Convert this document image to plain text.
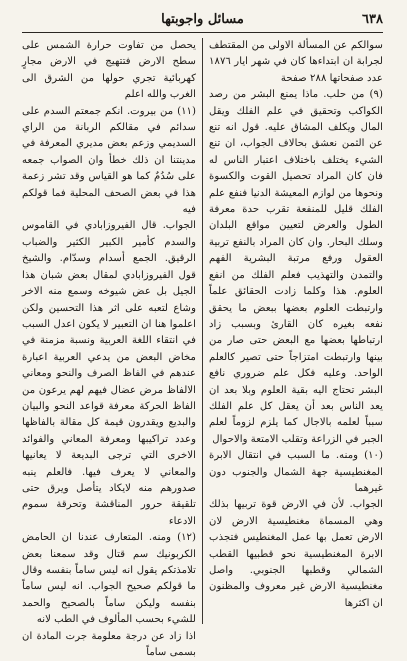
٦٣٨
مسائل واجوبتها

سوالكم عن المسألة الاولى من المقتطف لجرابة ان ابتداءها كان في شهر ايار ١٨٧٦ عدد صفحاتها ٢٨٨ صفحة

(٩) من حلب. ماذا يمنع البشر من رصد الكواكب وتحقيق في علم الفلك ويقل المال ويكلف المشاق عليه. قول انه تنع عن الثمن نعشق بحالاف الجواب، ان تنع الشيء يختلف باختلاف اعتبار الناس له فان كان المراد تحصيل القوت والكسوة ونحوها من لوازم المعيشة الدنيا فنفع علم الفلك قليل للمنفعة تقرب حدة معرفة الطول والعرض لتعيين مواقع البلدان وسلك البحار. وان كان المراد بالنفع تربية العقول ورفع مرتبة البشرية الفهم والتمدن والتهذيب فعلم الفلك من انفع العلوم. هذا وكلما زادت الحقائق علماً وارتبطت العلوم بعضها ببعض ما يحقق نفعه بغيره كان القارئ وبسبب زاد ارتباطها بعضها مع البعض حتى صار من بينها وارتبطت امتزاجاً حتى تصير كالعلم الواحد. وعليه فكل علم ضروري نافع البشر تحتاج اليه بقية العلوم وبلا بعد ان يعد الناس بعد أن يعقل كل علم الفلك سبباً لعلمه بالاجال كما يلزم لزوماً لعلم الجبر في الزراعة وتقلب الامتعة والاحوال

(١٠) ومنه. ما السبب في انتقال الابرة المغنطيسية جهة الشمال والجنوب دون غيرهما

الجواب. لأن في الارض قوة تربيها بذلك وهي المسماة مغنطيسية الارض لان الارض تعمل بها عمل المغنطيس فتجذب الابرة المغنطيسية نحو قطبيها القطب الشمالي وقطبها الجنوبي. واصل مغنطيسية الارض غير معروف والمظنون ان اكثرها

يحصل من تفاوت حرارة الشمس على سطح الارض فتتهيج في الارض مجارٍ كهربائية تجري حولها من الشرق الى الغرب والله اعلم

(١١) من بيروت. انكم جمعتم السدم على سدائم في مقالكم الربانة من الراي السديمي وزعم بعض مديري المعرفة في مدينتنا ان ذلك خطأ وان الصواب جمعه على سُدُمٌ كما هو القياس وقد تشر زعمة هذا في بعض الصحف المحلية فما قولكم فيه

الجواب. قال الفيروزابادي في القاموس والسدم كأمير الكبير الكثير والضباب الرقيق. الجمع أسدام وسدّام. والشيخ قول الفيروزابادي لمقال بعض شبان هذا الجيل بل عض شيوخه وسمع منه الاخر وشاع لتعبه على اثر هذا التحسين ولكن اعلموا هنا ان التعبير لا يكون اعدل السبب في انتقاء اللغة العربية ونسبة مزمنة في مخاض البعض من يدعي العربية اعبارة عندهم في الفاظ الصرف والنحو ومعاني الالفاظ مرض عضال فيهم لهم يرعون من الفاظ الحركة معرفة قواعد النحو والبيان والبديع ويقدرون قيمة كل مقالة بالفاظها وعدد تراكيبها ومعرفة المعاني والفوائد الاخرى التي ترجى البديعة لا يعانيها والمعاني لا يعرف فيها. فالعلم ينبه صدورهم منه لايكاد يتأصل ويرق حتى تلقيقة حرور المناقشة وتحرقة سموم الادعاء

(١٢) ومنه. المتعارف عندنا ان الحامض الكربونيك سم قتال وقد سمعنا بعض تلامذتكم يقول انه ليس ساماً بنفسه وقال ما قولكم صحيح الجواب. انه ليس ساماً بنفسه وليكن ساماً بالصحيح والحمد للشيء بحسب المألوف في الطب لانه

اذا زاد عن درجة معلومة جرت المادة ان بسمى ساماً
